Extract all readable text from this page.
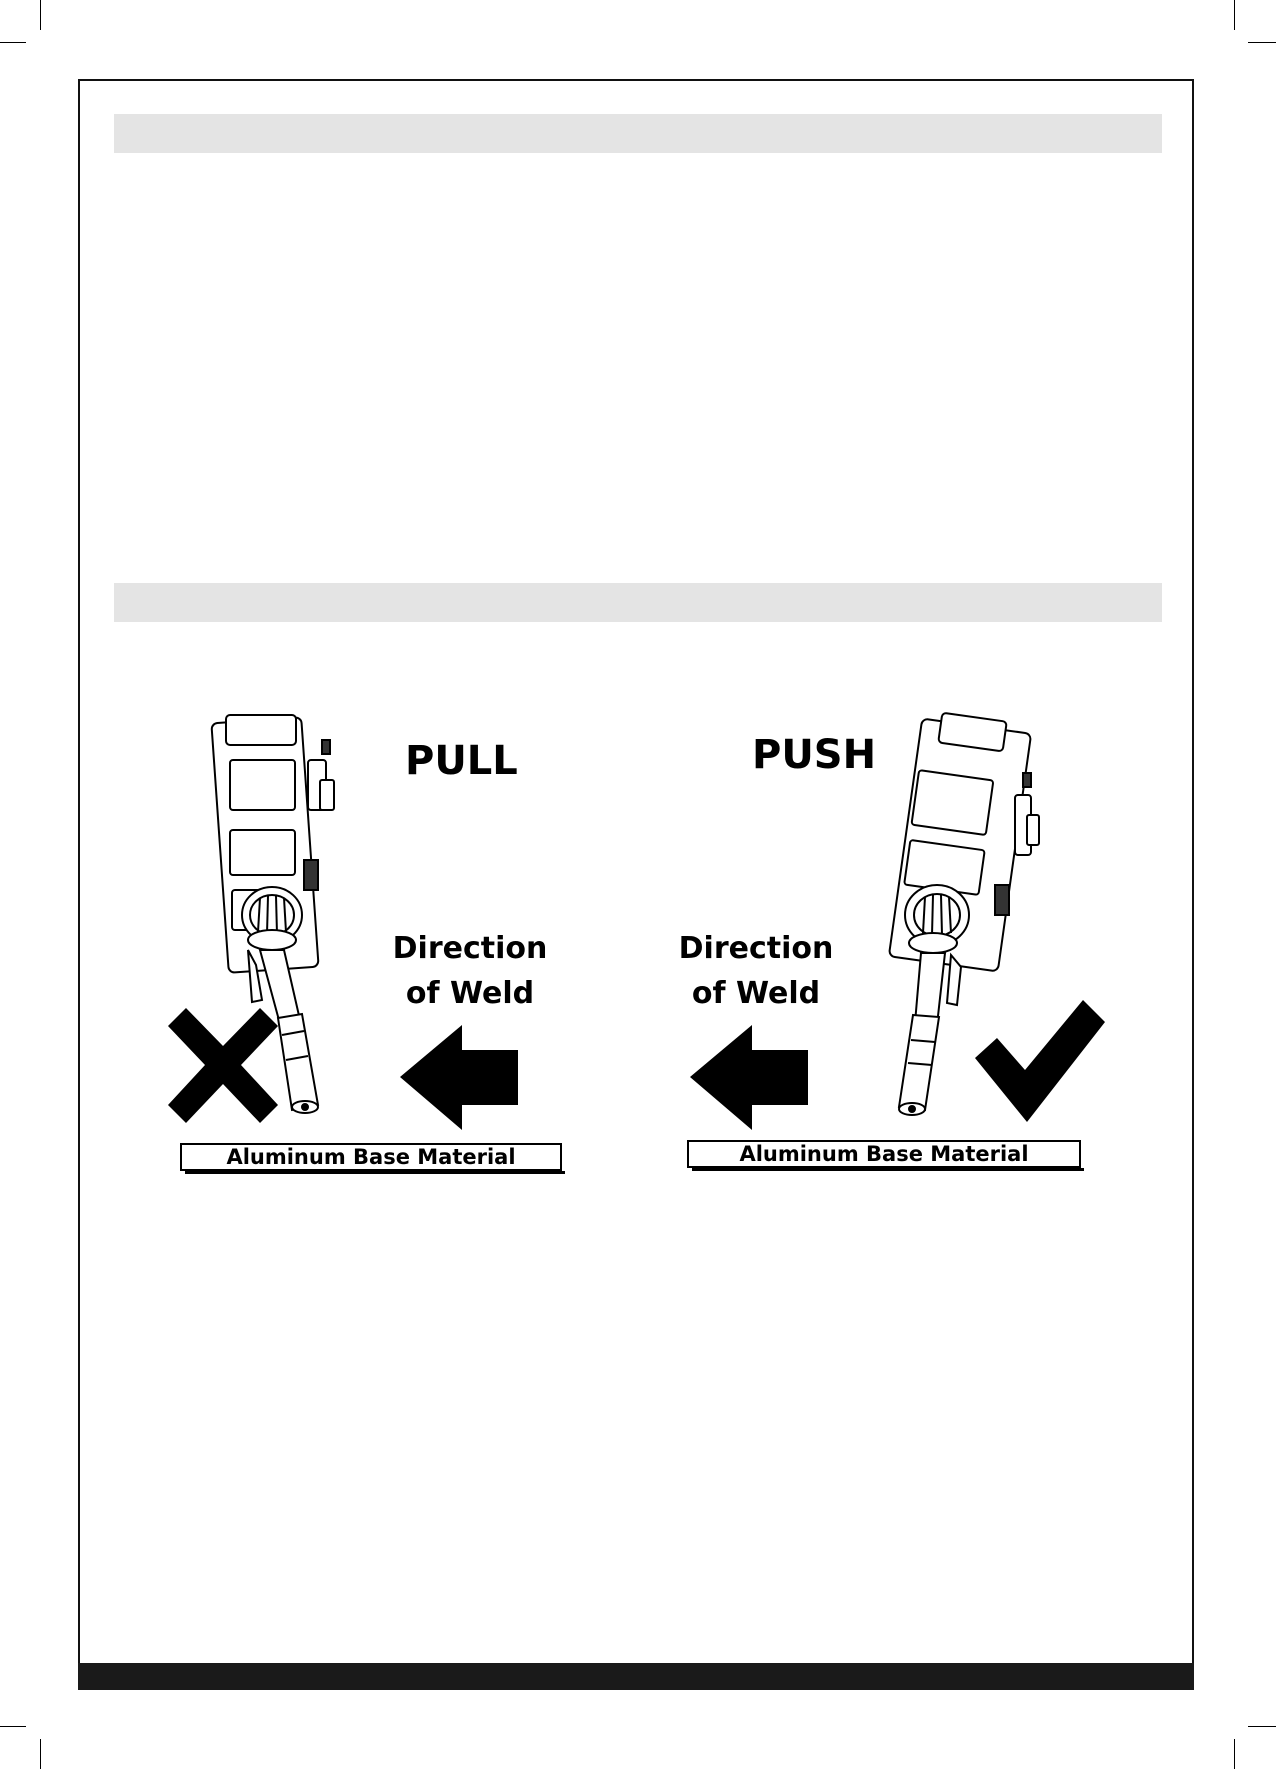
PULL
Direction
of Weld
Aluminum Base Material
PUSH
Direction
of Weld
Aluminum Base Material
